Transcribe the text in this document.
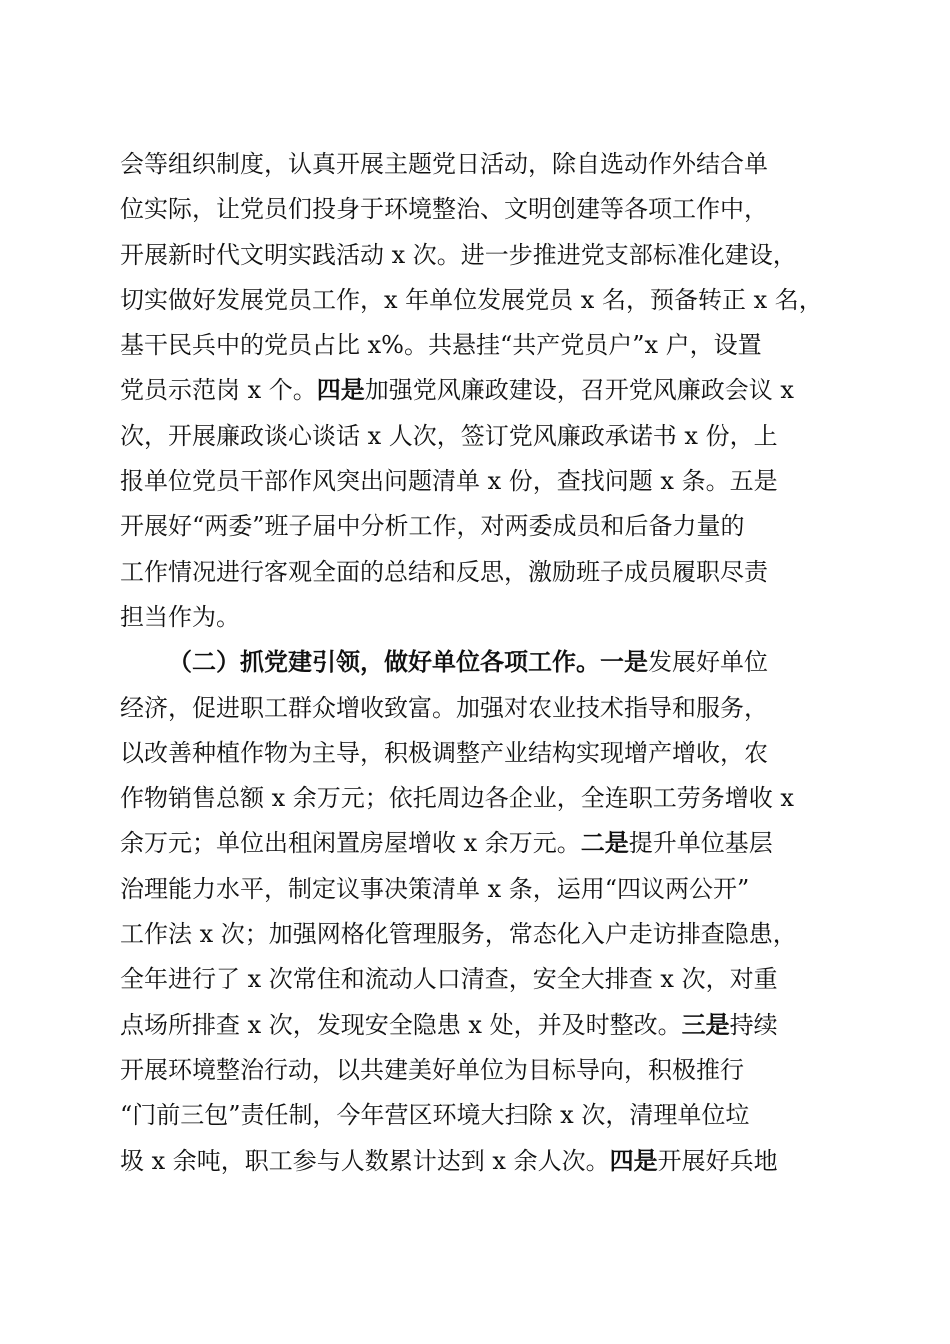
会等组织制度，认真开展主题党日活动，除自选动作外结合单
位实际，让党员们投身于环境整治、文明创建等各项工作中，
开展新时代文明实践活动 x 次。进一步推进党支部标准化建设，
切实做好发展党员工作，x 年单位发展党员 x 名，预备转正 x 名，
基干民兵中的党员占比 x%。共悬挂“共产党员户”x 户，设置
党员示范岗 x 个。四是加强党风廉政建设，召开党风廉政会议 x
次，开展廉政谈心谈话 x 人次，签订党风廉政承诺书 x 份，上
报单位党员干部作风突出问题清单 x 份，查找问题 x 条。五是
开展好“两委”班子届中分析工作，对两委成员和后备力量的
工作情况进行客观全面的总结和反思，激励班子成员履职尽责
担当作为。
（二）抓党建引领，做好单位各项工作。一是发展好单位
经济，促进职工群众增收致富。加强对农业技术指导和服务，
以改善种植作物为主导，积极调整产业结构实现增产增收，农
作物销售总额 x 余万元；依托周边各企业，全连职工劳务增收 x
余万元；单位出租闲置房屋增收 x 余万元。二是提升单位基层
治理能力水平，制定议事决策清单 x 条，运用“四议两公开”
工作法 x 次；加强网格化管理服务，常态化入户走访排查隐患，
全年进行了 x 次常住和流动人口清查，安全大排查 x 次，对重
点场所排查 x 次，发现安全隐患 x 处，并及时整改。三是持续
开展环境整治行动，以共建美好单位为目标导向，积极推行
“门前三包”责任制，今年营区环境大扫除 x 次，清理单位垃
圾 x 余吨，职工参与人数累计达到 x 余人次。四是开展好兵地
